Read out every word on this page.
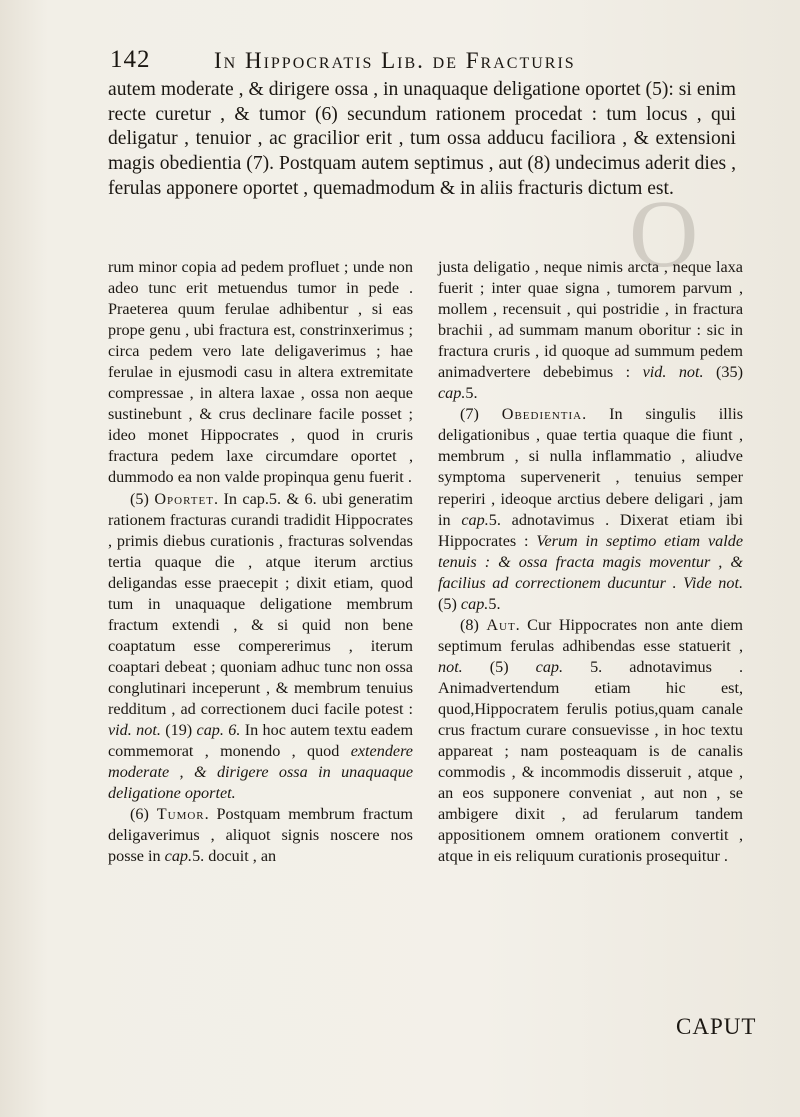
O
142	In Hippocratis Lib. de Fracturis

autem moderate , & dirigere ossa , in unaquaque deligatione oportet (5): si enim recte curetur , & tumor (6) secundum rationem procedat : tum locus , qui deligatur , tenuior , ac gracilior erit , tum ossa adducu faciliora , & extensioni magis obedientia (7). Postquam autem septimus , aut (8) undecimus aderit dies , ferulas apponere oportet , quemadmodum & in aliis fracturis dictum est.

rum minor copia ad pedem profluet ; unde non adeo tunc erit metuendus tumor in pede . Praeterea quum ferulae adhibentur , si eas prope genu , ubi fractura est, constrinxerimus ; circa pedem vero late deligaverimus ; hae ferulae in ejusmodi casu in altera extremitate compressae , in altera laxae , ossa non aeque sustinebunt , & crus declinare facile posset ; ideo monet Hippocrates , quod in cruris fractura pedem laxe circumdare oportet , dummodo ea non valde propinqua genu fuerit .

(5) Oportet. In cap.5. & 6. ubi generatim rationem fracturas curandi tradidit Hippocrates , primis diebus curationis , fracturas solvendas tertia quaque die , atque iterum arctius deligandas esse praecepit ; dixit etiam, quod tum in unaquaque deligatione membrum fractum extendi , & si quid non bene coaptatum esse compererimus , iterum coaptari debeat ; quoniam adhuc tunc non ossa conglutinari inceperunt , & membrum tenuius redditum , ad correctionem duci facile potest : vid. not. (19) cap. 6. In hoc autem textu eadem commemorat , monendo , quod extendere moderate , & dirigere ossa in unaquaque deligatione oportet.

(6) Tumor. Postquam membrum fractum deligaverimus , aliquot signis noscere nos posse in cap.5. docuit , an

justa deligatio , neque nimis arcta , neque laxa fuerit ; inter quae signa , tumorem parvum , mollem , recensuit , qui postridie , in fractura brachii , ad summam manum oboritur : sic in fractura cruris , id quoque ad summum pedem animadvertere debebimus : vid. not. (35) cap.5.

(7) Obedientia. In singulis illis deligationibus , quae tertia quaque die fiunt , membrum , si nulla inflammatio , aliudve symptoma supervenerit , tenuius semper reperiri , ideoque arctius debere deligari , jam in cap.5. adnotavimus . Dixerat etiam ibi Hippocrates : Verum in septimo etiam valde tenuis : & ossa fracta magis moventur , & facilius ad correctionem ducuntur . Vide not. (5) cap.5.

(8) Aut. Cur Hippocrates non ante diem septimum ferulas adhibendas esse statuerit , not. (5) cap. 5. adnotavimus . Animadvertendum etiam hic est, quod,Hippocratem ferulis potius,quam canale crus fractum curare consuevisse , in hoc textu appareat ; nam posteaquam is de canalis commodis , & incommodis disseruit , atque , an eos supponere conveniat , aut non , se ambigere dixit , ad ferularum tandem appositionem omnem orationem convertit , atque in eis reliquum curationis prosequitur .

CAPUT
